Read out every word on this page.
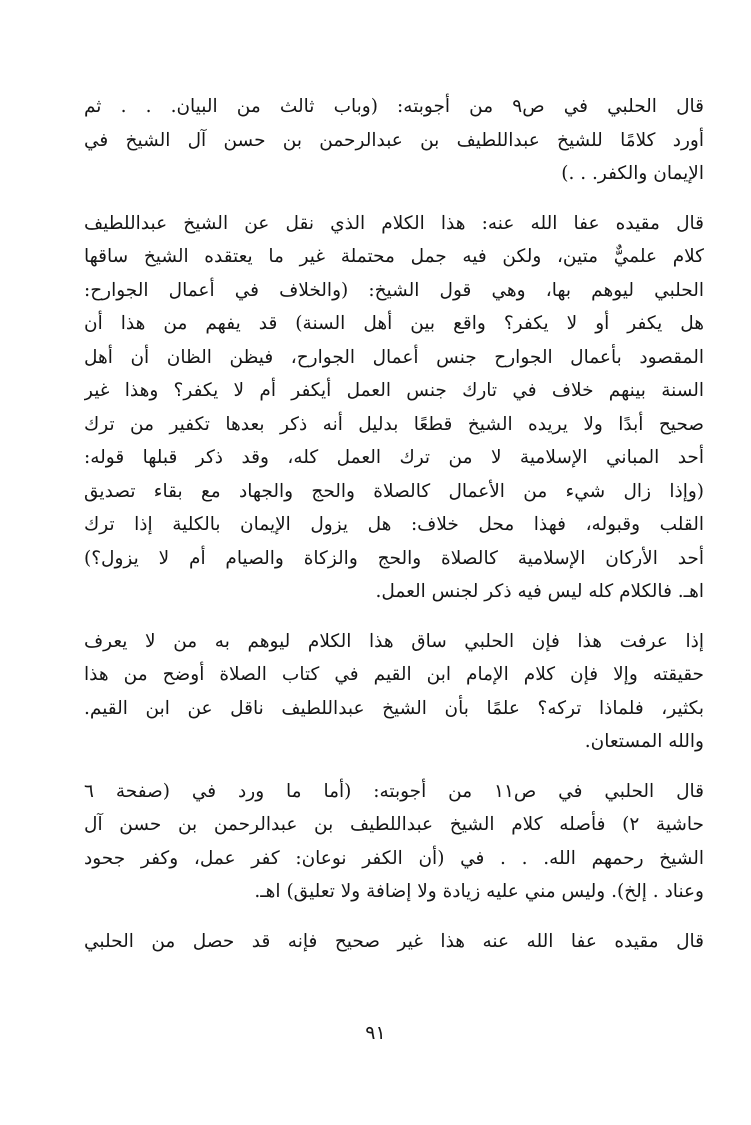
قال الحلبي في ص٩ من أجوبته: (وباب ثالث من البيان. . . ثم
أورد كلامًا للشيخ عبداللطيف بن عبدالرحمن بن حسن آل الشيخ في
الإيمان والكفر. . .)
قال مقيده عفا الله عنه: هذا الكلام الذي نقل عن الشيخ عبداللطيف
كلام علميٌّ متين، ولكن فيه جمل محتملة غير ما يعتقده الشيخ ساقها
الحلبي ليوهم بها، وهي قول الشيخ: (والخلاف في أعمال الجوارح:
هل يكفر أو لا يكفر؟ واقع بين أهل السنة) قد يفهم من هذا أن
المقصود بأعمال الجوارح جنس أعمال الجوارح، فيظن الظان أن أهل
السنة بينهم خلاف في تارك جنس العمل أيكفر أم لا يكفر؟ وهذا غير
صحيح أبدًا ولا يريده الشيخ قطعًا بدليل أنه ذكر بعدها تكفير من ترك
أحد المباني الإسلامية لا من ترك العمل كله، وقد ذكر قبلها قوله:
(وإذا زال شيء من الأعمال كالصلاة والحج والجهاد مع بقاء تصديق
القلب وقبوله، فهذا محل خلاف: هل يزول الإيمان بالكلية إذا ترك
أحد الأركان الإسلامية كالصلاة والحج والزكاة والصيام أم لا يزول؟)
اهـ. فالكلام كله ليس فيه ذكر لجنس العمل.
إذا عرفت هذا فإن الحلبي ساق هذا الكلام ليوهم به من لا يعرف
حقيقته وإلا فإن كلام الإمام ابن القيم في كتاب الصلاة أوضح من هذا
بكثير، فلماذا تركه؟ علمًا بأن الشيخ عبداللطيف ناقل عن ابن القيم.
والله المستعان.
قال الحلبي في ص١١ من أجوبته: (أما ما ورد في (صفحة ٦
حاشية ٢) فأصله كلام الشيخ عبداللطيف بن عبدالرحمن بن حسن آل
الشيخ رحمهم الله. . . في (أن الكفر نوعان: كفر عمل، وكفر جحود
وعناد . إلخ). وليس مني عليه زيادة ولا إضافة ولا تعليق) اهـ.
قال مقيده عفا الله عنه هذا غير صحيح فإنه قد حصل من الحلبي
٩١
